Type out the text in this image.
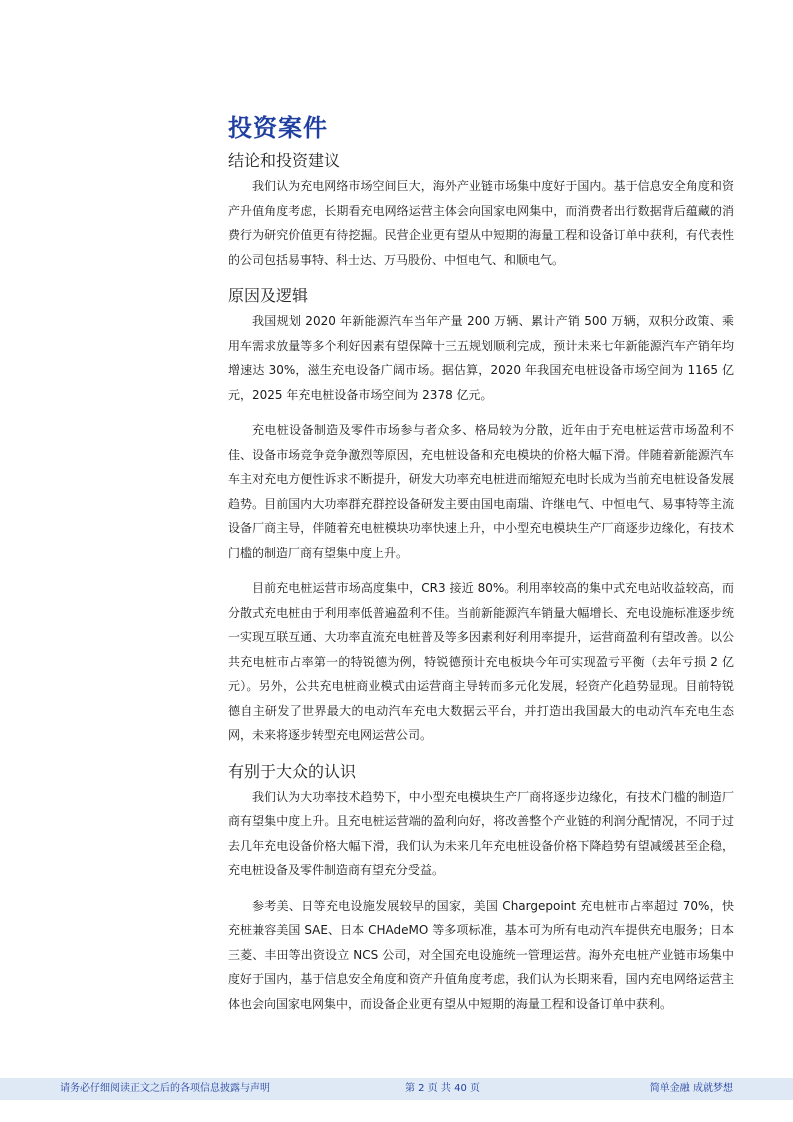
投资案件
结论和投资建议

我们认为充电网络市场空间巨大，海外产业链市场集中度好于国内。基于信息安全角度和资产升值角度考虑，长期看充电网络运营主体会向国家电网集中，而消费者出行数据背后蕴藏的消费行为研究价值更有待挖掘。民营企业更有望从中短期的海量工程和设备订单中获利，有代表性的公司包括易事特、科士达、万马股份、中恒电气、和顺电气。

原因及逻辑

我国规划 2020 年新能源汽车当年产量 200 万辆、累计产销 500 万辆，双积分政策、乘用车需求放量等多个利好因素有望保障十三五规划顺利完成，预计未来七年新能源汽车产销年均增速达 30%，滋生充电设备广阔市场。据估算，2020 年我国充电桩设备市场空间为 1165 亿元，2025 年充电桩设备市场空间为 2378 亿元。

充电桩设备制造及零件市场参与者众多、格局较为分散，近年由于充电桩运营市场盈利不佳、设备市场竞争竞争激烈等原因，充电桩设备和充电模块的价格大幅下滑。伴随着新能源汽车车主对充电方便性诉求不断提升，研发大功率充电桩进而缩短充电时长成为当前充电桩设备发展趋势。目前国内大功率群充群控设备研发主要由国电南瑞、许继电气、中恒电气、易事特等主流设备厂商主导，伴随着充电桩模块功率快速上升，中小型充电模块生产厂商逐步边缘化，有技术门槛的制造厂商有望集中度上升。

目前充电桩运营市场高度集中，CR3 接近 80%。利用率较高的集中式充电站收益较高，而分散式充电桩由于利用率低普遍盈利不佳。当前新能源汽车销量大幅增长、充电设施标准逐步统一实现互联互通、大功率直流充电桩普及等多因素利好利用率提升，运营商盈利有望改善。以公共充电桩市占率第一的特锐德为例，特锐德预计充电板块今年可实现盈亏平衡（去年亏损 2 亿元）。另外，公共充电桩商业模式由运营商主导转而多元化发展，轻资产化趋势显现。目前特锐德自主研发了世界最大的电动汽车充电大数据云平台，并打造出我国最大的电动汽车充电生态网，未来将逐步转型充电网运营公司。

有别于大众的认识

我们认为大功率技术趋势下，中小型充电模块生产厂商将逐步边缘化，有技术门槛的制造厂商有望集中度上升。且充电桩运营端的盈利向好，将改善整个产业链的利润分配情况，不同于过去几年充电设备价格大幅下滑，我们认为未来几年充电桩设备价格下降趋势有望减缓甚至企稳，充电桩设备及零件制造商有望充分受益。

参考美、日等充电设施发展较早的国家，美国 Chargepoint 充电桩市占率超过 70%，快充桩兼容美国 SAE、日本 CHAdeMO 等多项标准，基本可为所有电动汽车提供充电服务；日本三菱、丰田等出资设立 NCS 公司，对全国充电设施统一管理运营。海外充电桩产业链市场集中度好于国内，基于信息安全角度和资产升值角度考虑，我们认为长期来看，国内充电网络运营主体也会向国家电网集中，而设备企业更有望从中短期的海量工程和设备订单中获利。

请务必仔细阅读正文之后的各项信息披露与声明	第 2 页 共 40 页	简单金融 成就梦想
